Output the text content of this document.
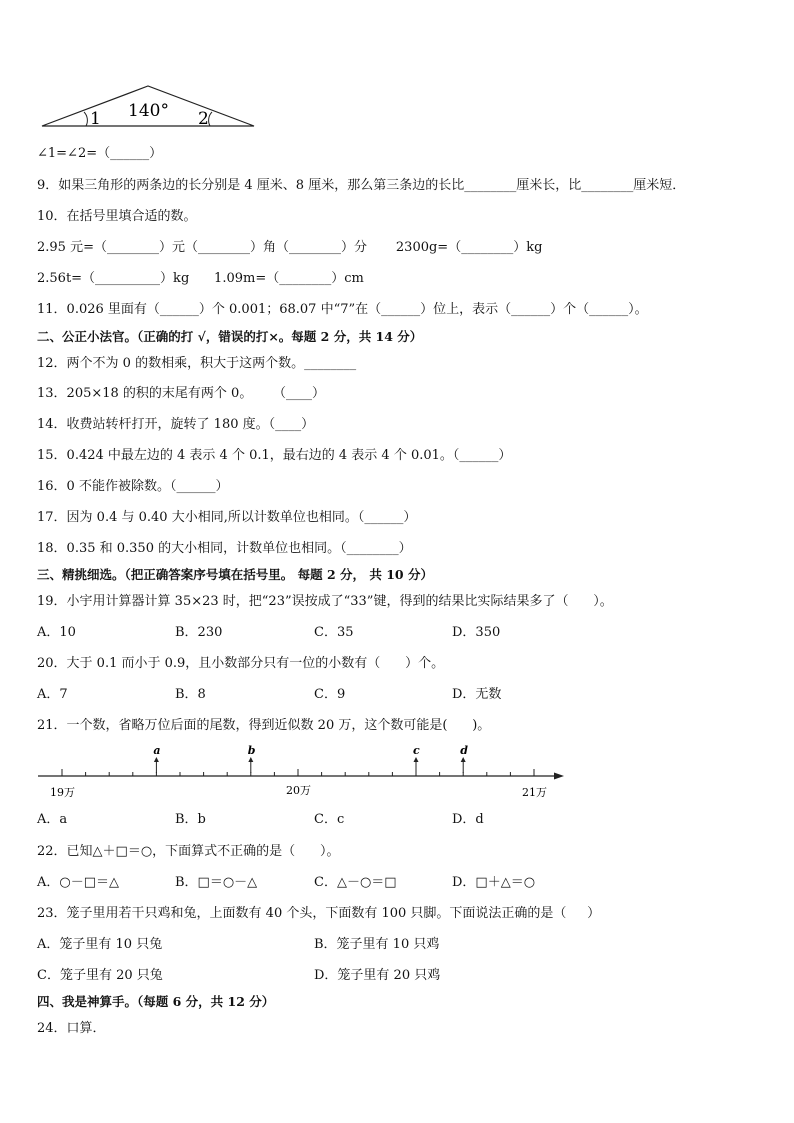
140°
1	2
∠1=∠2=（______）
9．如果三角形的两条边的长分别是 4 厘米、8 厘米，那么第三条边的长比________厘米长，比________厘米短．
10．在括号里填合适的数。
2.95 元=（________）元（________）角（________）分       2300g=（________）kg
2.56t=（__________）kg      1.09m=（________）cm
11．0.026 里面有（______）个 0.001；68.07 中“7”在（______）位上，表示（______）个（______）。
二、公正小法官。（正确的打 √，错误的打×。每题 2 分，共 14 分）
12．两个不为 0 的数相乘，积大于这两个数。________
13．205×18 的积的末尾有两个 0。     （____）
14．收费站转杆打开，旋转了 180 度。（____）
15．0.424 中最左边的 4 表示 4 个 0.1，最右边的 4 表示 4 个 0.01。（______）
16．0 不能作被除数。（______）
17．因为 0.4 与 0.40 大小相同,所以计数单位也相同。（______）
18．0.35 和 0.350 的大小相同，计数单位也相同。（________）
三、精挑细选。（把正确答案序号填在括号里。 每题 2 分， 共 10 分）
19．小宇用计算器计算 35×23 时，把“23”误按成了“33”键，得到的结果比实际结果多了（      ）。
A．10	B．230	C．35	D．350
20．大于 0.1 而小于 0.9，且小数部分只有一位的小数有（      ）个。
A．7	B．8	C．9	D．无数
21．一个数，省略万位后面的尾数，得到近似数 20 万，这个数可能是(      )。
a	b	c	d
19万	20万	21万
A．a	B．b	C．c	D．d
22．已知△＋□＝○，下面算式不正确的是（      ）。
A．○－□＝△	B．□＝○－△	C．△－○＝□	D．□＋△＝○
23．笼子里用若干只鸡和兔，上面数有 40 个头，下面数有 100 只脚。下面说法正确的是（     ）
A．笼子里有 10 只兔	B．笼子里有 10 只鸡
C．笼子里有 20 只兔	D．笼子里有 20 只鸡
四、我是神算手。（每题 6 分，共 12 分）
24．口算．
